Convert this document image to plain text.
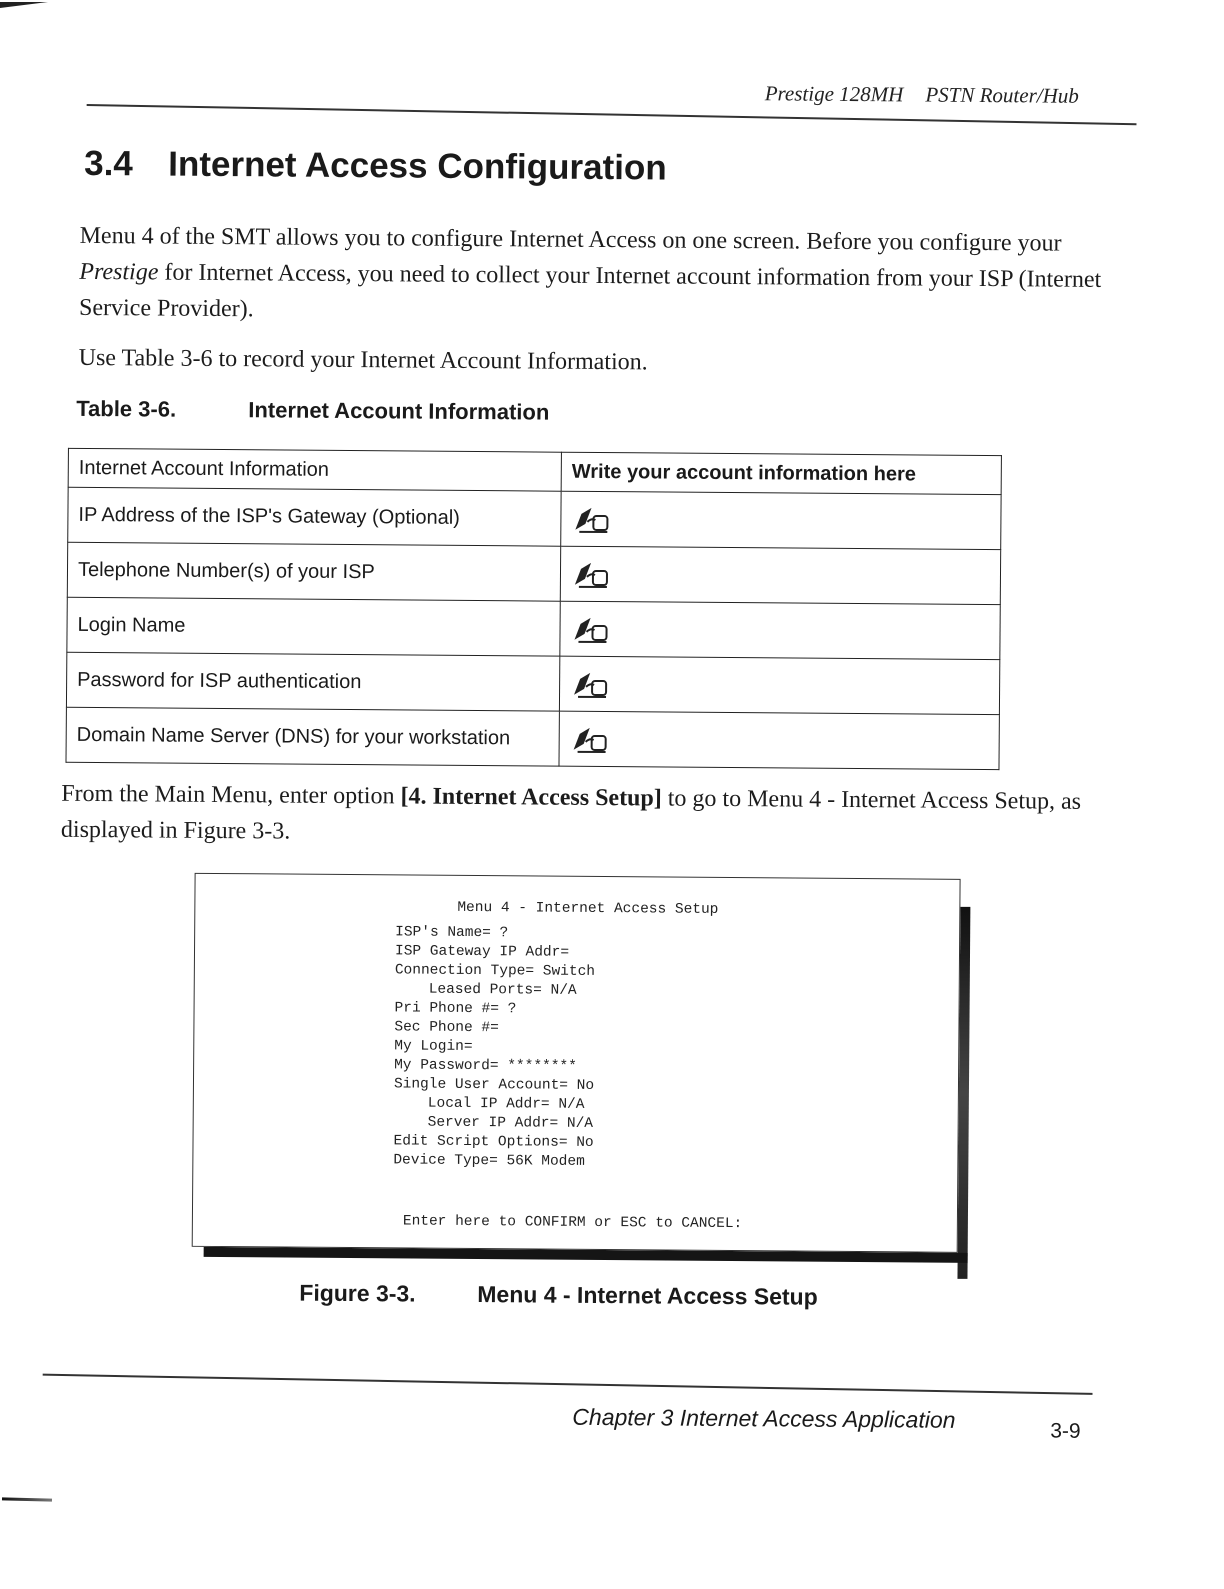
Prestige 128MH PSTN Router/Hub
3.4 Internet Access Configuration
Menu 4 of the SMT allows you to configure Internet Access on one screen. Before you configure your Prestige for Internet Access, you need to collect your Internet account information from your ISP (Internet Service Provider).
Use Table 3-6 to record your Internet Account Information.
Table 3-6.	Internet Account Information
Internet Account Information	Write your account information here
IP Address of the ISP's Gateway (Optional)	
Telephone Number(s) of your ISP	
Login Name	
Password for ISP authentication	
Domain Name Server (DNS) for your workstation	
From the Main Menu, enter option [4. Internet Access Setup] to go to Menu 4 - Internet Access Setup, as displayed in Figure 3-3.
Menu 4 - Internet Access Setup
ISP's Name= ?
ISP Gateway IP Addr=
Connection Type= Switch
Leased Ports= N/A
Pri Phone #= ?
Sec Phone #=
My Login=
My Password= ********
Single User Account= No
Local IP Addr= N/A
Server IP Addr= N/A
Edit Script Options= No
Device Type= 56K Modem
Enter here to CONFIRM or ESC to CANCEL:
Figure 3-3.	Menu 4 - Internet Access Setup
Chapter 3 Internet Access Application	3-9
